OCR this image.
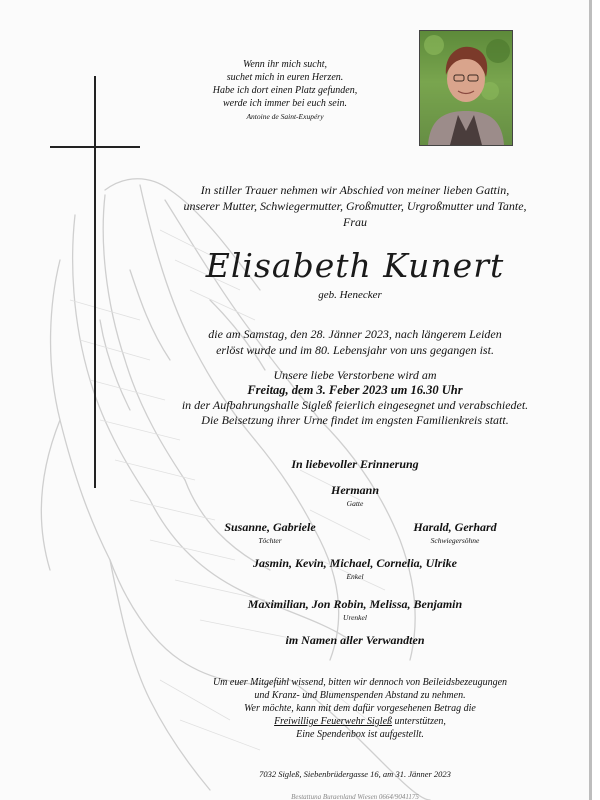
Wenn ihr mich sucht,
suchet mich in euren Herzen.
Habe ich dort einen Platz gefunden,
werde ich immer bei euch sein.
Antoine de Saint-Exupéry
In stiller Trauer nehmen wir Abschied von meiner lieben Gattin,
unserer Mutter, Schwiegermutter, Großmutter, Urgroßmutter und Tante,
Frau
Elisabeth Kunert
geb. Henecker
die am Samstag, den 28. Jänner 2023, nach längerem Leiden
erlöst wurde und im 80. Lebensjahr von uns gegangen ist.
Unsere liebe Verstorbene wird am
Freitag, dem 3. Feber 2023 um 16.30 Uhr
in der Aufbahrungshalle Sigleß feierlich eingesegnet und verabschiedet.
Die Beisetzung ihrer Urne findet im engsten Familienkreis statt.
In liebevoller Erinnerung
Hermann
Gatte
Susanne, Gabriele
Töchter
Harald, Gerhard
Schwiegersöhne
Jasmin, Kevin, Michael, Cornelia, Ulrike
Enkel
Maximilian, Jon Robin, Melissa, Benjamin
Urenkel
im Namen aller Verwandten
Um euer Mitgefühl wissend, bitten wir dennoch von Beileidsbezeugungen
und Kranz- und Blumenspenden Abstand zu nehmen.
Wer möchte, kann mit dem dafür vorgesehenen Betrag die
Freiwillige Feuerwehr Sigleß unterstützen,
Eine Spendenbox ist aufgestellt.
7032 Sigleß, Siebenbrüdergasse 16, am 31. Jänner 2023
Bestattung Burgenland Wiesen 0664/9041175
